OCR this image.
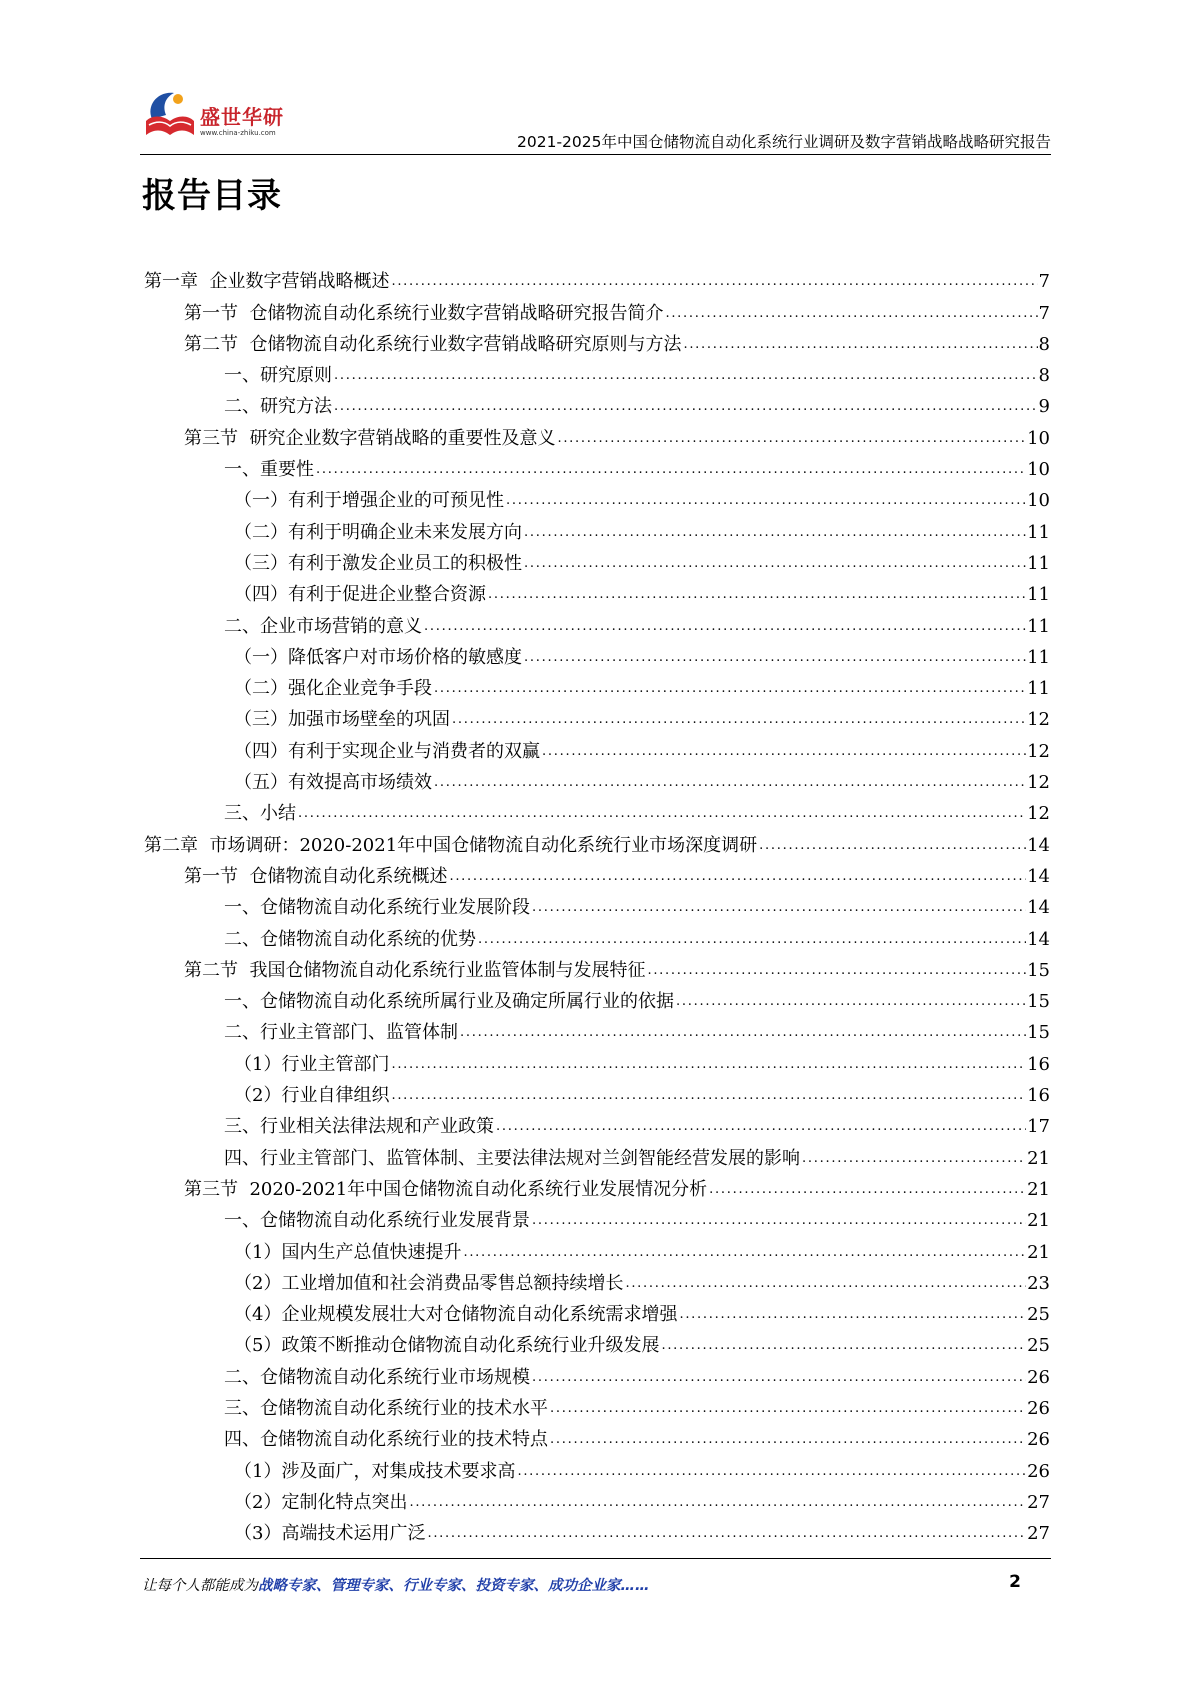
盛世华研
www.china-zhiku.com	2021-2025年中国仓储物流自动化系统行业调研及数字营销战略战略研究报告
报告目录
第一章  企业数字营销战略概述 . . .	7
第一节  仓储物流自动化系统行业数字营销战略研究报告简介 . . .	7
第二节  仓储物流自动化系统行业数字营销战略研究原则与方法 . . .	8
一、研究原则 . . .	8
二、研究方法 . . .	9
第三节  研究企业数字营销战略的重要性及意义 . . .	10
一、重要性 . . .	10
（一）有利于增强企业的可预见性 . . .	10
（二）有利于明确企业未来发展方向 . . .	11
（三）有利于激发企业员工的积极性 . . .	11
（四）有利于促进企业整合资源 . . .	11
二、企业市场营销的意义 . . .	11
（一）降低客户对市场价格的敏感度 . . .	11
（二）强化企业竞争手段 . . .	11
（三）加强市场壁垒的巩固 . . .	12
（四）有利于实现企业与消费者的双赢 . . .	12
（五）有效提高市场绩效 . . .	12
三、小结 . . .	12
第二章  市场调研：2020-2021年中国仓储物流自动化系统行业市场深度调研 . . .	14
第一节  仓储物流自动化系统概述 . . .	14
一、仓储物流自动化系统行业发展阶段 . . .	14
二、仓储物流自动化系统的优势 . . .	14
第二节  我国仓储物流自动化系统行业监管体制与发展特征 . . .	15
一、仓储物流自动化系统所属行业及确定所属行业的依据 . . .	15
二、行业主管部门、监管体制 . . .	15
（1）行业主管部门 . . .	16
（2）行业自律组织 . . .	16
三、行业相关法律法规和产业政策 . . .	17
四、行业主管部门、监管体制、主要法律法规对兰剑智能经营发展的影响 . . .	21
第三节  2020-2021年中国仓储物流自动化系统行业发展情况分析 . . .	21
一、仓储物流自动化系统行业发展背景 . . .	21
（1）国内生产总值快速提升 . . .	21
（2）工业增加值和社会消费品零售总额持续增长 . . .	23
（4）企业规模发展壮大对仓储物流自动化系统需求增强 . . .	25
（5）政策不断推动仓储物流自动化系统行业升级发展 . . .	25
二、仓储物流自动化系统行业市场规模 . . .	26
三、仓储物流自动化系统行业的技术水平 . . .	26
四、仓储物流自动化系统行业的技术特点 . . .	26
（1）涉及面广，对集成技术要求高 . . .	26
（2）定制化特点突出 . . .	27
（3）高端技术运用广泛 . . .	27
让每个人都能成为战略专家、管理专家、行业专家、投资专家、成功企业家……	2
